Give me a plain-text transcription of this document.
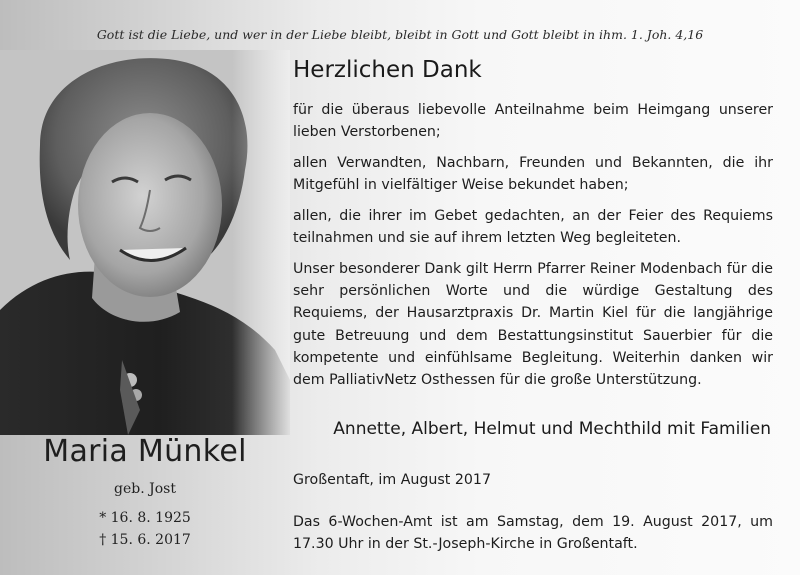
Gott ist die Liebe, und wer in der Liebe bleibt, bleibt in Gott und Gott bleibt in ihm. 1. Joh. 4,16
Maria Münkel
geb. Jost
* 16. 8. 1925
† 15. 6. 2017
Herzlichen Dank
für die überaus liebevolle Anteilnahme beim Heimgang unserer lieben Verstorbenen;
allen Verwandten, Nachbarn, Freunden und Bekannten, die ihr Mitgefühl in vielfältiger Weise bekundet haben;
allen, die ihrer im Gebet gedachten, an der Feier des Requiems teilnahmen und sie auf ihrem letzten Weg begleiteten.
Unser besonderer Dank gilt Herrn Pfarrer Reiner Modenbach für die sehr persönlichen Worte und die würdige Gestaltung des Requiems, der Hausarztpraxis Dr. Martin Kiel für die langjährige gute Betreuung und dem Bestattungsinstitut Sauerbier für die kompetente und einfühlsame Begleitung. Weiterhin danken wir dem PalliativNetz Osthessen für die große Unterstützung.
Annette, Albert, Helmut und Mechthild mit Familien
Großentaft, im August 2017
Das 6-Wochen-Amt ist am Samstag, dem 19. August 2017, um 17.30 Uhr in der St.-Joseph-Kirche in Großentaft.
